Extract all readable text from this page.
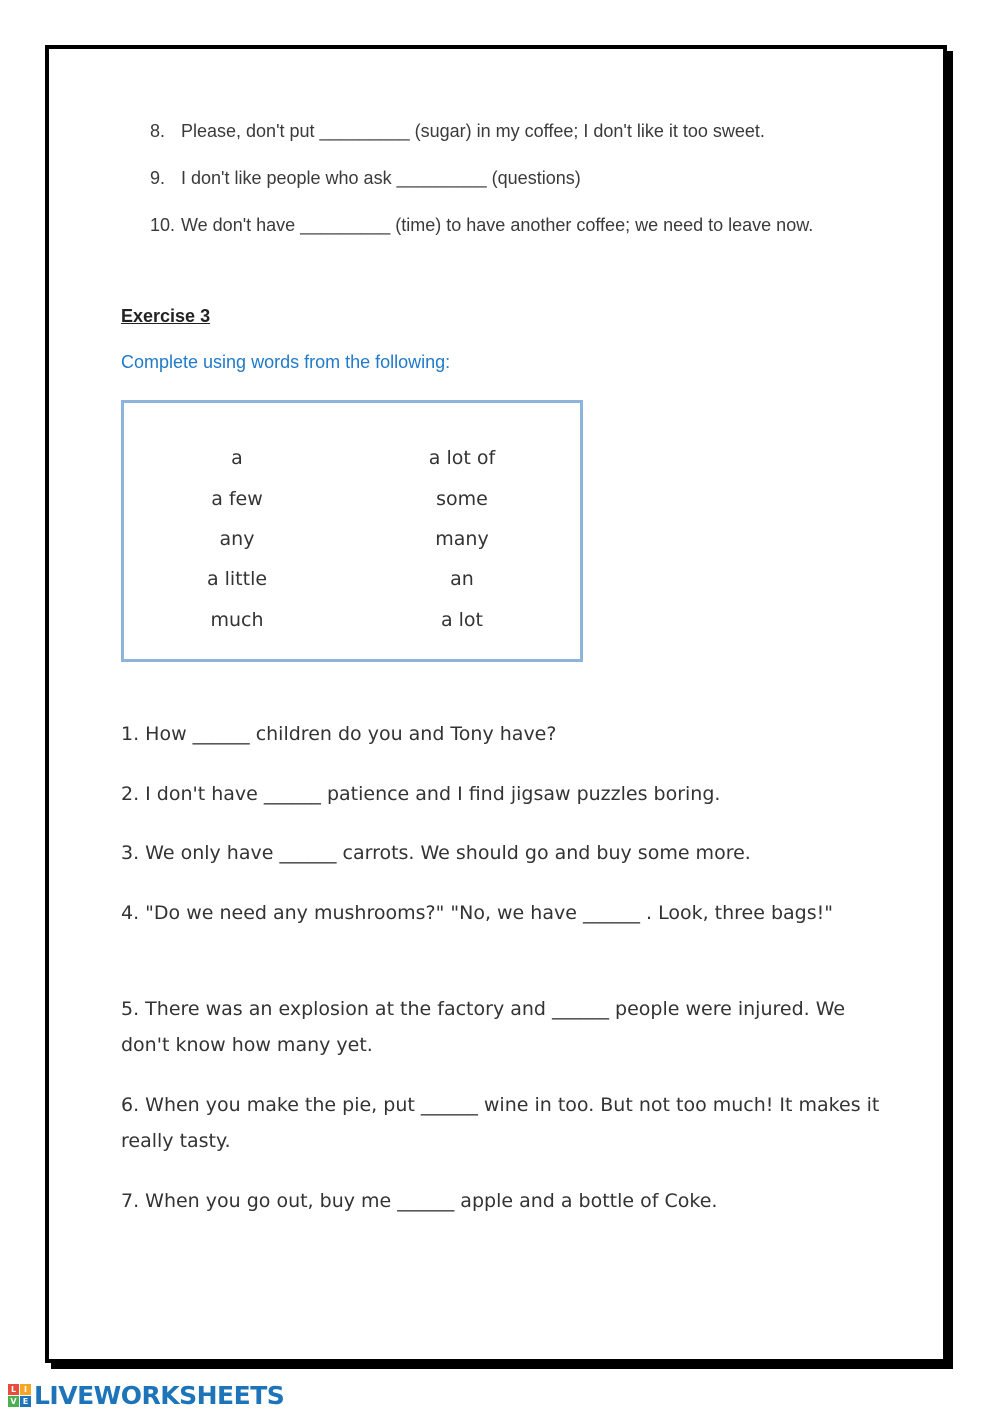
8. Please, don't put _________ (sugar) in my coffee; I don't like it too sweet.
9. I don't like people who ask _________ (questions)
10. We don't have _________ (time) to have another coffee; we need to leave now.
Exercise 3
Complete using words from the following:
a
a few
any
a little
much
a lot of
some
many
an
a lot
1. How ______ children do you and Tony have?
2. I don't have ______ patience and I find jigsaw puzzles boring.
3. We only have ______ carrots. We should go and buy some more.
4. "Do we need any mushrooms?" "No, we have ______ . Look, three bags!"
5. There was an explosion at the factory and ______ people were injured. We don't know how many yet.
6. When you make the pie, put ______ wine in too. But not too much! It makes it really tasty.
7. When you go out, buy me ______ apple and a bottle of Coke.
L I
V E LIVEWORKSHEETS
